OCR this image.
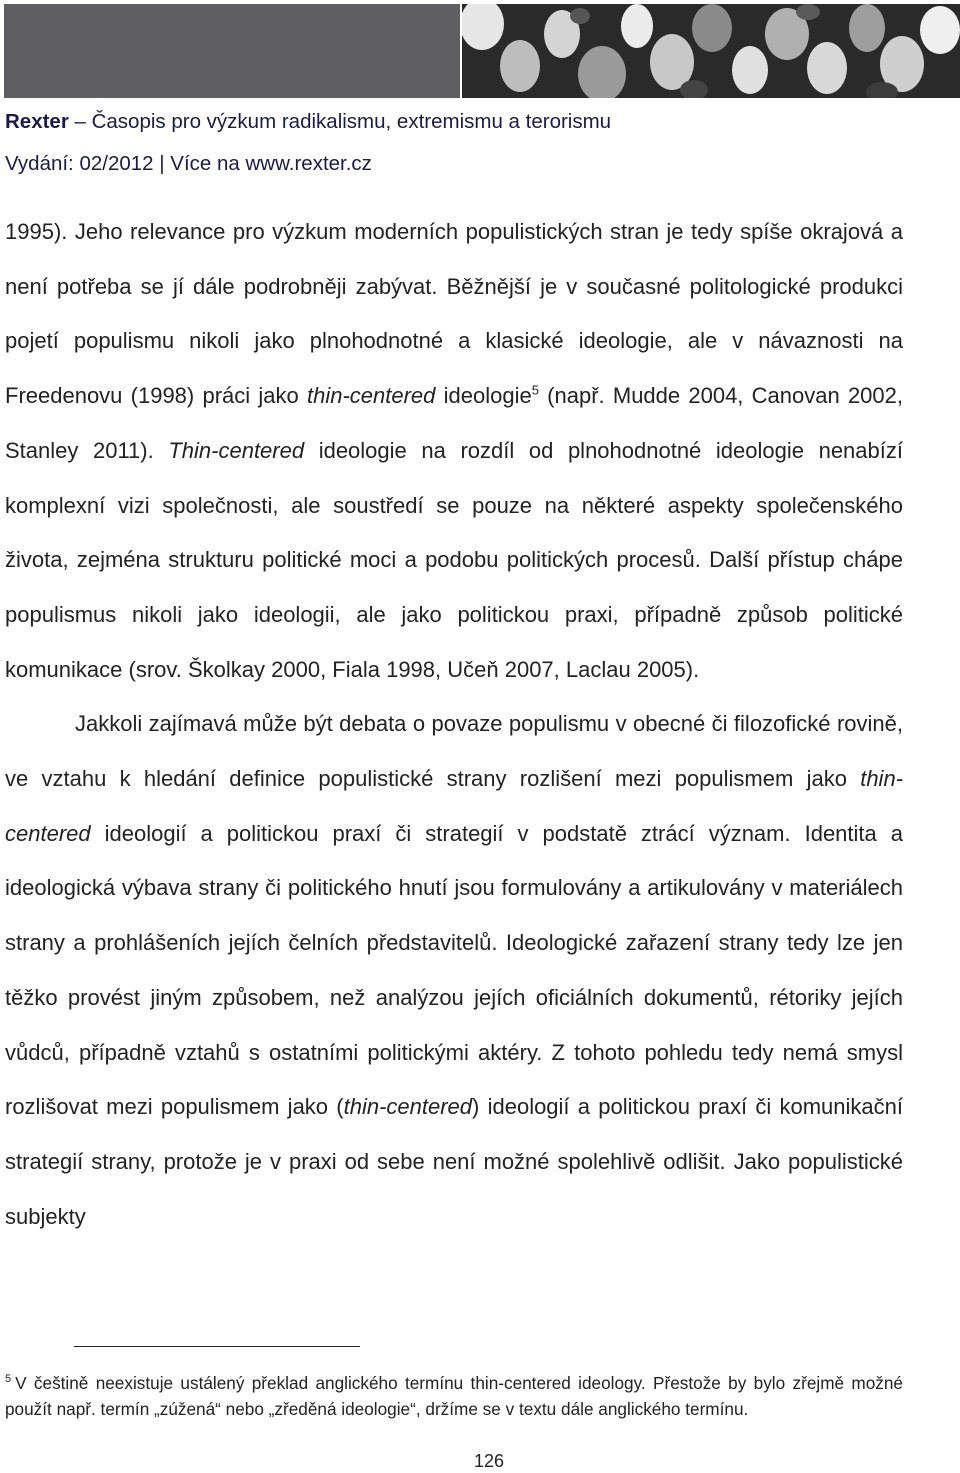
Rexter – Časopis pro výzkum radikalismu, extremismu a terorismu
Vydání: 02/2012 | Více na www.rexter.cz

1995). Jeho relevance pro výzkum moderních populistických stran je tedy spíše okrajová a není potřeba se jí dále podrobněji zabývat. Běžnější je v současné politologické produkci pojetí populismu nikoli jako plnohodnotné a klasické ideologie, ale v návaznosti na Freedenovu (1998) práci jako thin-centered ideologie$^5$ (např. Mudde 2004, Canovan 2002, Stanley 2011). Thin-centered ideologie na rozdíl od plnohodnotné ideologie nenabízí komplexní vizi společnosti, ale soustředí se pouze na některé aspekty společenského života, zejména strukturu politické moci a podobu politických procesů. Další přístup chápe populismus nikoli jako ideologii, ale jako politickou praxi, případně způsob politické komunikace (srov. Školkay 2000, Fiala 1998, Učeň 2007, Laclau 2005).

Jakkoli zajímavá může být debata o povaze populismu v obecné či filozofické rovině, ve vztahu k hledání definice populistické strany rozlišení mezi populismem jako thin-centered ideologií a politickou praxí či strategií v podstatě ztrácí význam. Identita a ideologická výbava strany či politického hnutí jsou formulovány a artikulovány v materiálech strany a prohlášeních jejích čelních představitelů. Ideologické zařazení strany tedy lze jen těžko provést jiným způsobem, než analýzou jejích oficiálních dokumentů, rétoriky jejích vůdců, případně vztahů s ostatními politickými aktéry. Z tohoto pohledu tedy nemá smysl rozlišovat mezi populismem jako (thin-centered) ideologií a politickou praxí či komunikační strategií strany, protože je v praxi od sebe není možné spolehlivě odlišit. Jako populistické subjekty

$^5$ V češtině neexistuje ustálený překlad anglického termínu thin-centered ideology. Přestože by bylo zřejmě možné použít např. termín „zúžená“ nebo „zředěná ideologie“, držíme se v textu dále anglického termínu.
126
